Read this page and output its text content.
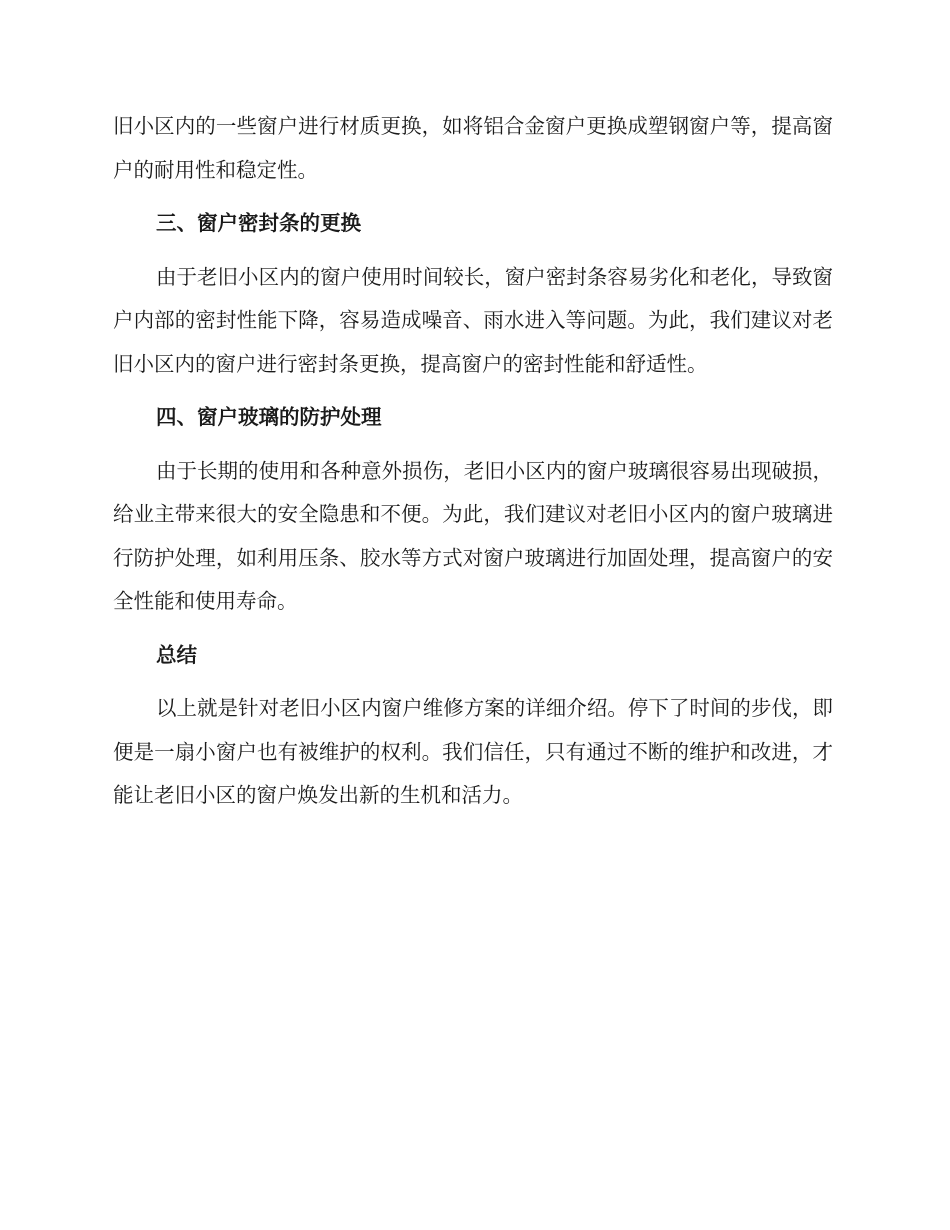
旧小区内的一些窗户进行材质更换，如将铝合金窗户更换成塑钢窗户等，提高窗户的耐用性和稳定性。

三、窗户密封条的更换

由于老旧小区内的窗户使用时间较长，窗户密封条容易劣化和老化，导致窗户内部的密封性能下降，容易造成噪音、雨水进入等问题。为此，我们建议对老旧小区内的窗户进行密封条更换，提高窗户的密封性能和舒适性。

四、窗户玻璃的防护处理

由于长期的使用和各种意外损伤，老旧小区内的窗户玻璃很容易出现破损，给业主带来很大的安全隐患和不便。为此，我们建议对老旧小区内的窗户玻璃进行防护处理，如利用压条、胶水等方式对窗户玻璃进行加固处理，提高窗户的安全性能和使用寿命。

总结

以上就是针对老旧小区内窗户维修方案的详细介绍。停下了时间的步伐，即便是一扇小窗户也有被维护的权利。我们信任，只有通过不断的维护和改进，才能让老旧小区的窗户焕发出新的生机和活力。
